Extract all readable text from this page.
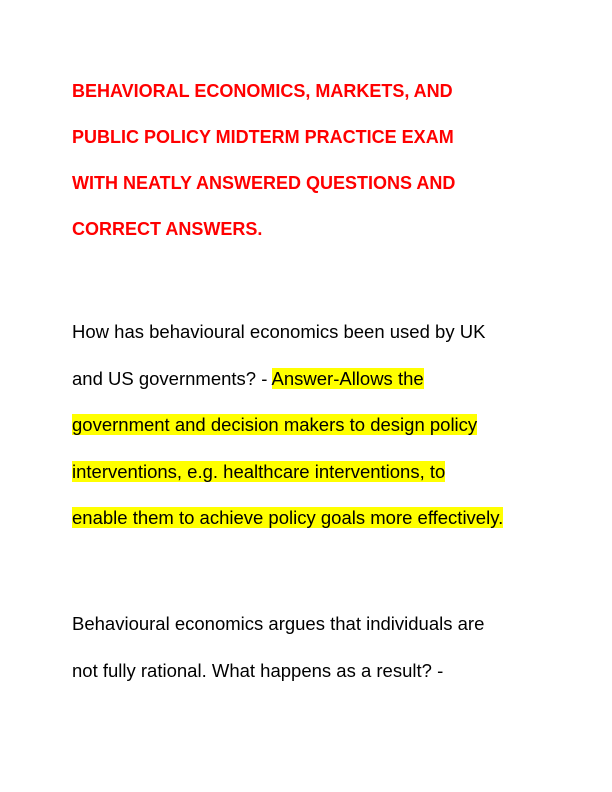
BEHAVIORAL ECONOMICS, MARKETS, AND
PUBLIC POLICY MIDTERM PRACTICE EXAM
WITH NEATLY ANSWERED QUESTIONS AND
CORRECT ANSWERS.

How has behavioural economics been used by UK
and US governments? - Answer-Allows the
government and decision makers to design policy
interventions, e.g. healthcare interventions, to
enable them to achieve policy goals more effectively.

Behavioural economics argues that individuals are
not fully rational. What happens as a result? -
